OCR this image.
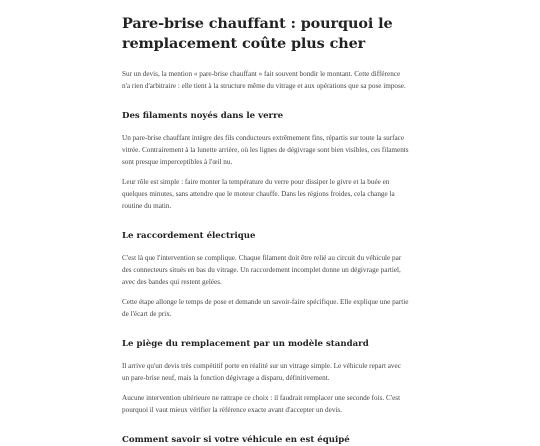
Pare-brise chauffant : pourquoi le
remplacement coûte plus cher

Sur un devis, la mention « pare-brise chauffant » fait souvent bondir le montant. Cette différence
n'a rien d'arbitraire : elle tient à la structure même du vitrage et aux opérations que sa pose impose.

Des filaments noyés dans le verre

Un pare-brise chauffant intègre des fils conducteurs extrêmement fins, répartis sur toute la surface
vitrée. Contrairement à la lunette arrière, où les lignes de dégivrage sont bien visibles, ces filaments
sont presque imperceptibles à l'œil nu.

Leur rôle est simple : faire monter la température du verre pour dissiper le givre et la buée en
quelques minutes, sans attendre que le moteur chauffe. Dans les régions froides, cela change la
routine du matin.

Le raccordement électrique

C'est là que l'intervention se complique. Chaque filament doit être relié au circuit du véhicule par
des connecteurs situés en bas du vitrage. Un raccordement incomplet donne un dégivrage partiel,
avec des bandes qui restent gelées.

Cette étape allonge le temps de pose et demande un savoir-faire spécifique. Elle explique une partie
de l'écart de prix.

Le piège du remplacement par un modèle standard

Il arrive qu'un devis très compétitif porte en réalité sur un vitrage simple. Le véhicule repart avec
un pare-brise neuf, mais la fonction dégivrage a disparu, définitivement.

Aucune intervention ultérieure ne rattrape ce choix : il faudrait remplacer une seconde fois. C'est
pourquoi il vaut mieux vérifier la référence exacte avant d'accepter un devis.

Comment savoir si votre véhicule en est équipé
